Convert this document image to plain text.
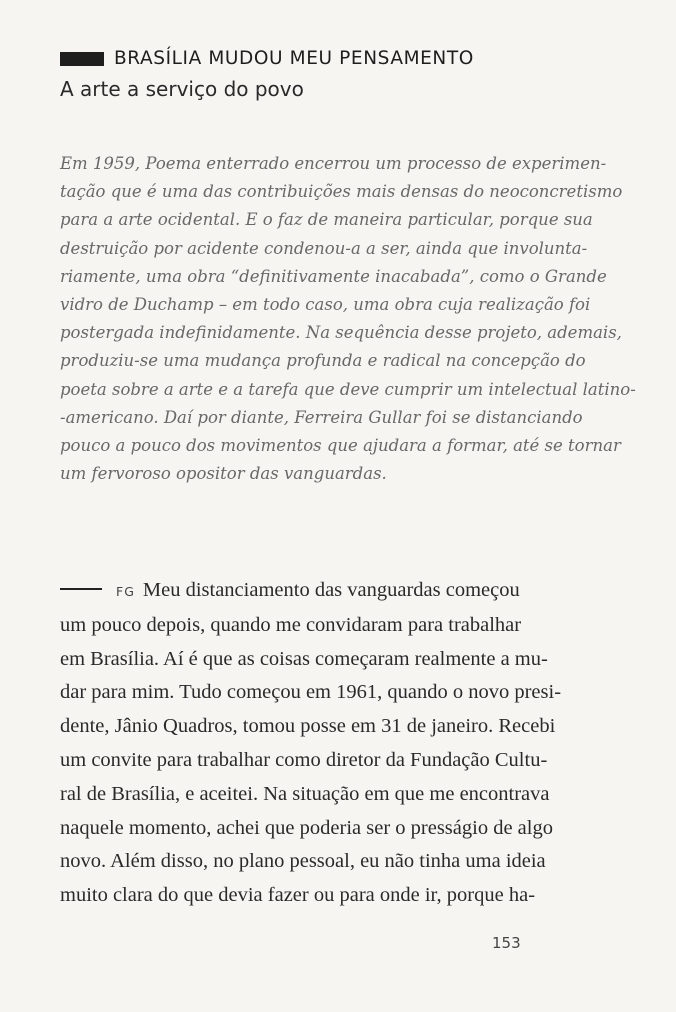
BRASÍLIA MUDOU MEU PENSAMENTO
A arte a serviço do povo
Em 1959, Poema enterrado encerrou um processo de experimen-
tação que é uma das contribuições mais densas do neoconcretismo
para a arte ocidental. E o faz de maneira particular, porque sua
destruição por acidente condenou-a a ser, ainda que involunta-
riamente, uma obra “definitivamente inacabada”, como o Grande
vidro de Duchamp – em todo caso, uma obra cuja realização foi
postergada indefinidamente. Na sequência desse projeto, ademais,
produziu-se uma mudança profunda e radical na concepção do
poeta sobre a arte e a tarefa que deve cumprir um intelectual latino-
-americano. Daí por diante, Ferreira Gullar foi se distanciando
pouco a pouco dos movimentos que ajudara a formar, até se tornar
um fervoroso opositor das vanguardas.
FG Meu distanciamento das vanguardas começou
um pouco depois, quando me convidaram para trabalhar
em Brasília. Aí é que as coisas começaram realmente a mu-
dar para mim. Tudo começou em 1961, quando o novo presi-
dente, Jânio Quadros, tomou posse em 31 de janeiro. Recebi
um convite para trabalhar como diretor da Fundação Cultu-
ral de Brasília, e aceitei. Na situação em que me encontrava
naquele momento, achei que poderia ser o presságio de algo
novo. Além disso, no plano pessoal, eu não tinha uma ideia
muito clara do que devia fazer ou para onde ir, porque ha-
153
